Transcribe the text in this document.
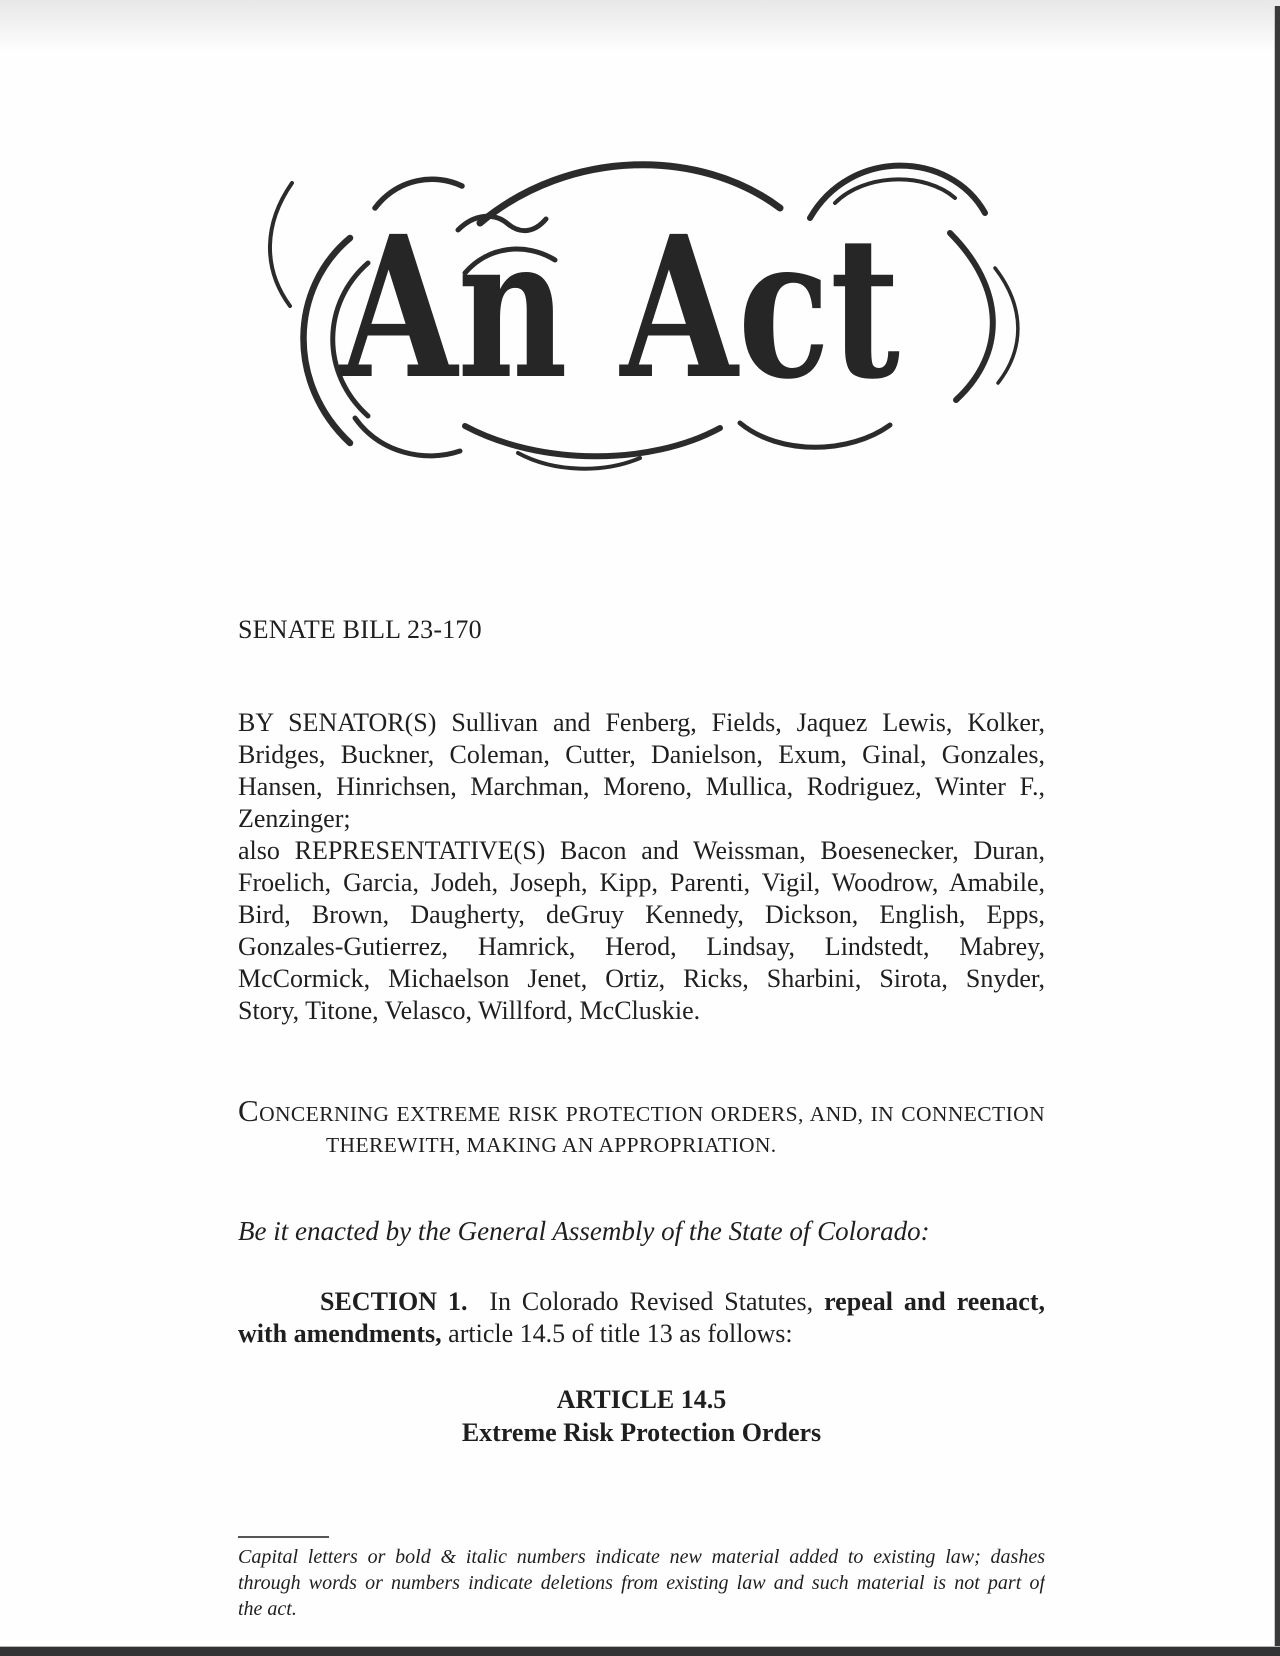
An Act
SENATE BILL 23-170
BY SENATOR(S) Sullivan and Fenberg, Fields, Jaquez Lewis, Kolker,
Bridges, Buckner, Coleman, Cutter, Danielson, Exum, Ginal, Gonzales,
Hansen, Hinrichsen, Marchman, Moreno, Mullica, Rodriguez, Winter F.,
Zenzinger;
also REPRESENTATIVE(S) Bacon and Weissman, Boesenecker, Duran,
Froelich, Garcia, Jodeh, Joseph, Kipp, Parenti, Vigil, Woodrow, Amabile,
Bird, Brown, Daugherty, deGruy Kennedy, Dickson, English, Epps,
Gonzales-Gutierrez, Hamrick, Herod, Lindsay, Lindstedt, Mabrey,
McCormick, Michaelson Jenet, Ortiz, Ricks, Sharbini, Sirota, Snyder,
Story, Titone, Velasco, Willford, McCluskie.
CONCERNING EXTREME RISK PROTECTION ORDERS, AND, IN CONNECTION
THEREWITH, MAKING AN APPROPRIATION.
Be it enacted by the General Assembly of the State of Colorado:
SECTION 1.  In Colorado Revised Statutes, repeal and reenact,
with amendments, article 14.5 of title 13 as follows:
ARTICLE 14.5
Extreme Risk Protection Orders
Capital letters or bold & italic numbers indicate new material added to existing law; dashes
through words or numbers indicate deletions from existing law and such material is not part of
the act.
